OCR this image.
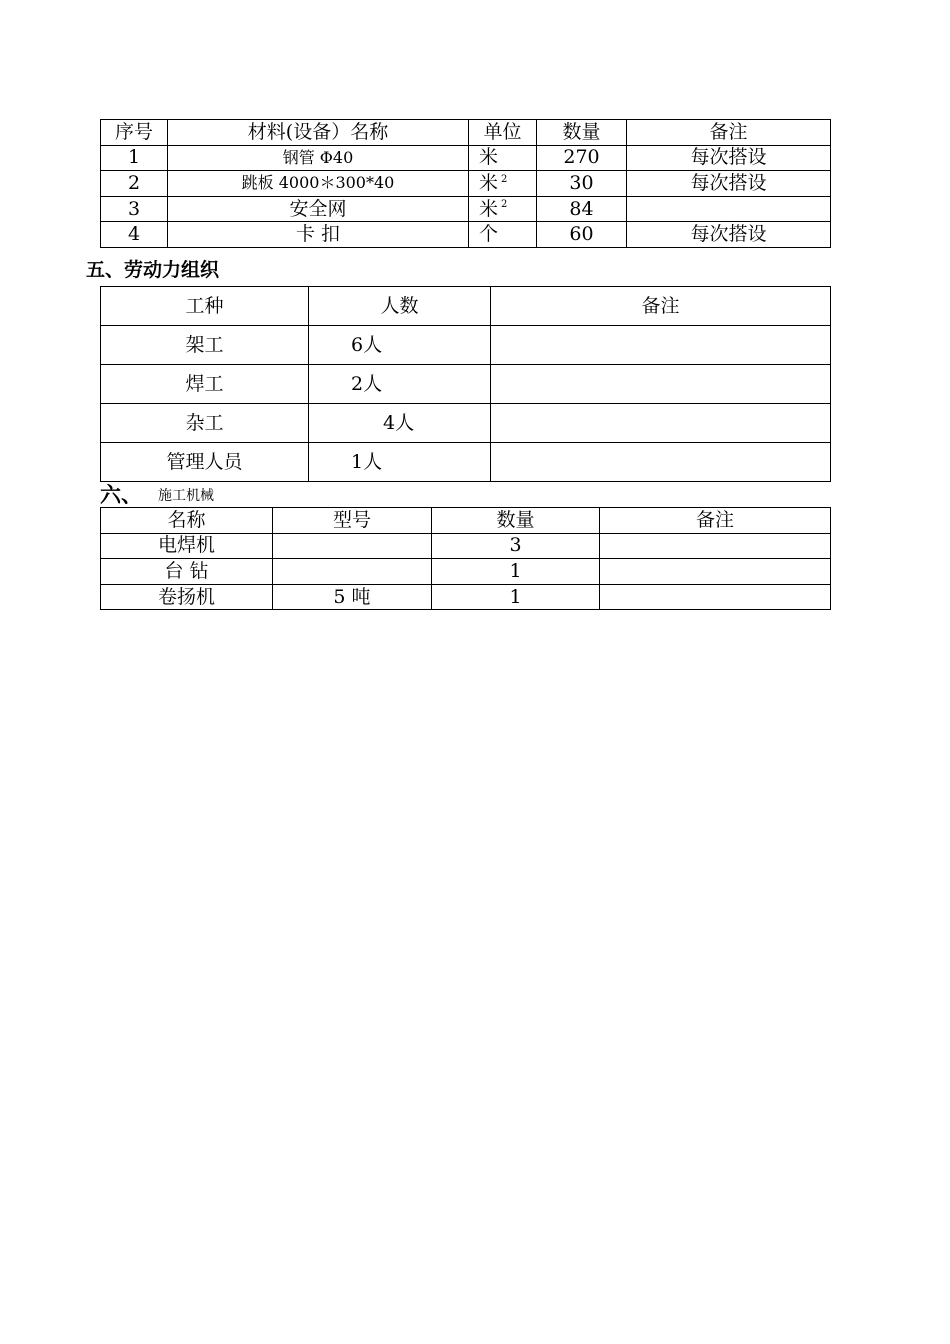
序号	材料(设备）名称	单位	数量	备注
1	钢管 Φ40	米	270	每次搭设
2	跳板 4000＊300*40	米 $^2$	30	每次搭设
3	安全网	米 $^2$	84	
4	卡 扣	个	60	每次搭设
五、劳动力组织
工种	人数	备注
架工	6人	
焊工	2人	
杂工	4人	
管理人员	1人	
六、 施工机械
名称	型号	数量	备注
电焊机		3	
台 钻		1	
卷扬机	5 吨	1	
